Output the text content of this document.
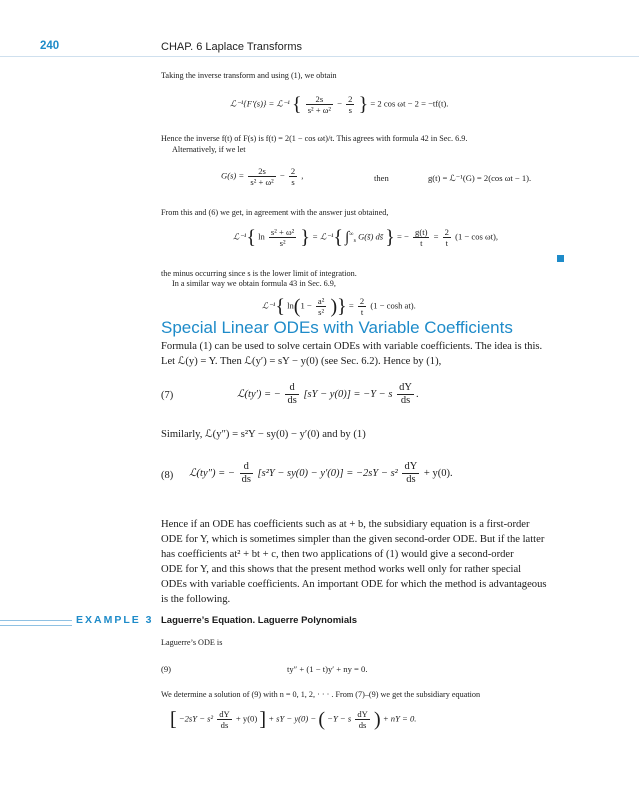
240	CHAP. 6 Laplace Transforms
Taking the inverse transform and using (1), we obtain
ℒ⁻¹{F′(s)} = ℒ⁻¹ { $\frac{2s}{\text{s² + ω²}} - \frac{2}{s}$ } = 2 cos ωt − 2 = −tf(t).
Hence the inverse f(t) of F(s) is f(t) = 2(1 − cos ωt)/t. This agrees with formula 42 in Sec. 6.9.
Alternatively, if we let
$G(s) = \frac{2s}{\text{s² + ω²}} - \frac{2}{s}$ ,	then	g(t) = ℒ⁻¹(G) = 2(cos ωt − 1).
From this and (6) we get, in agreement with the answer just obtained,
ℒ⁻¹{ $\ln \frac{\text{s² + ω²}}{\text{s²}}$ } = ℒ⁻¹{ $\int^\infty_s$ G(s̃) ds̃ } = − $\frac{g(t)}{t} = \frac{2}{t} (1 - \cos \omega t)$,
the minus occurring since s is the lower limit of integration.
In a similar way we obtain formula 43 in Sec. 6.9,
ℒ⁻¹{ $\ln(1 - \frac{\text{a²}}{\text{s²}}$ )} = $\frac{2}{t} (1 - \cosh at)$.
Special Linear ODEs with Variable Coefficients
Formula (1) can be used to solve certain ODEs with variable coefficients. The idea is this.
Let ℒ(y) = Y. Then ℒ(y′) = sY − y(0) (see Sec. 6.2). Hence by (1),
(7)	ℒ(ty′) = − $\frac{d}{ds} [sY - y(0)] = -Y - s \frac{dY}{ds}$ .
Similarly, ℒ(y″) = s²Y − sy(0) − y′(0) and by (1)
(8) ℒ(ty″) = − $\frac{d}{ds} [s^2Y - sy(0) - y'(0)] = -2sY - s^2 \frac{dY}{ds} + y(0)$.
Hence if an ODE has coefficients such as at + b, the subsidiary equation is a first-order
ODE for Y, which is sometimes simpler than the given second-order ODE. But if the latter
has coefficients at² + bt + c, then two applications of (1) would give a second-order
ODE for Y, and this shows that the present method works well only for rather special
ODEs with variable coefficients. An important ODE for which the method is advantageous
is the following.
EXAMPLE 3 Laguerre’s Equation. Laguerre Polynomials
Laguerre’s ODE is
(9)	ty″ + (1 − t)y′ + ny = 0.
We determine a solution of (9) with n = 0, 1, 2, · · · . From (7)–(9) we get the subsidiary equation
[ $-2sY - s^2 \frac{dY}{ds} + y(0)$ ] + sY − y(0) − ( −Y − s $\frac{dY}{ds}$ ) + nY = 0.
